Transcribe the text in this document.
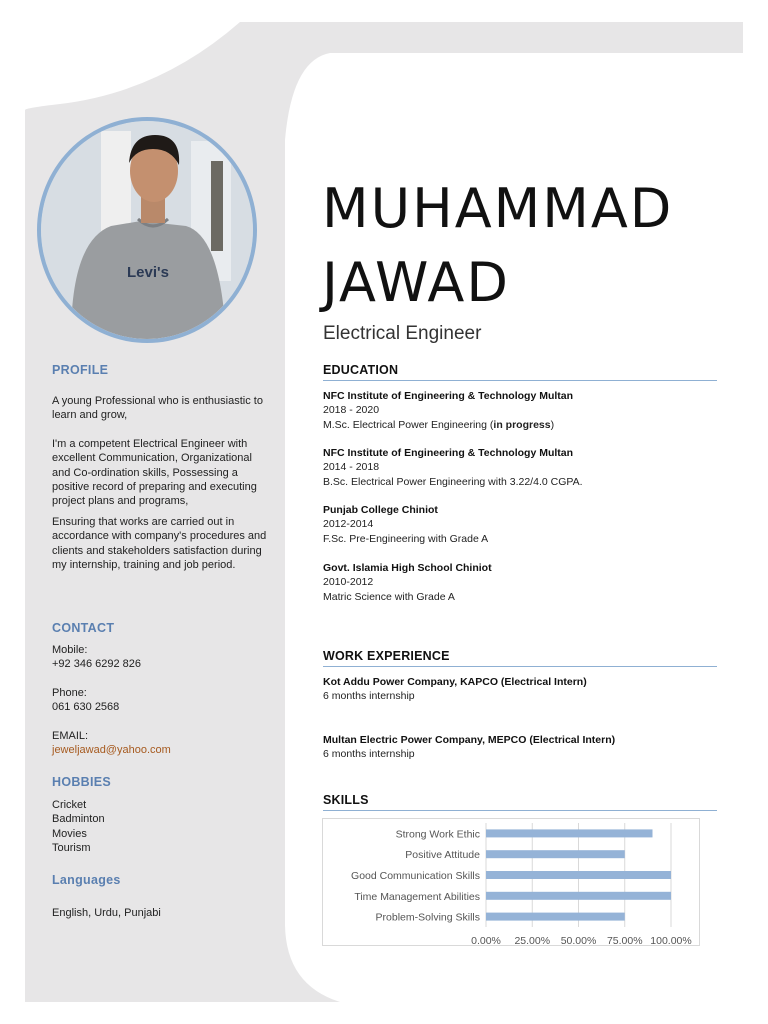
Levi's
PROFILE

A young Professional who is enthusiastic to learn and grow,

I'm a competent Electrical Engineer with excellent Communication, Organizational and Co-ordination skills, Possessing a positive record of preparing and executing project plans and programs,

Ensuring that works are carried out in accordance with company's procedures and clients and stakeholders satisfaction during my internship, training and job period.

CONTACT

Mobile:

+92 346 6292 826

Phone:

061 630 2568

EMAIL:

jeweljawad@yahoo.com

HOBBIES

Cricket

Badminton

Movies

Tourism

Languages
English, Urdu, Punjabi
MUHAMMAD
JAWAD
Electrical Engineer
EDUCATION
NFC Institute of Engineering & Technology Multan
2018 - 2020
M.Sc. Electrical Power Engineering (in progress)
NFC Institute of Engineering & Technology Multan
2014 - 2018
B.Sc. Electrical Power Engineering with 3.22/4.0 CGPA.
Punjab College Chiniot
2012-2014
F.Sc. Pre-Engineering with Grade A
Govt. Islamia High School Chiniot
2010-2012
Matric Science with Grade A
WORK EXPERIENCE
Kot Addu Power Company, KAPCO (Electrical Intern)
6 months internship
Multan Electric Power Company, MEPCO (Electrical Intern)
6 months internship
SKILLS
0.00% 25.00% 50.00% 75.00% 100.00%
Strong Work Ethic
Positive Attitude
Good Communication Skills
Time Management Abilities
Problem-Solving Skills
